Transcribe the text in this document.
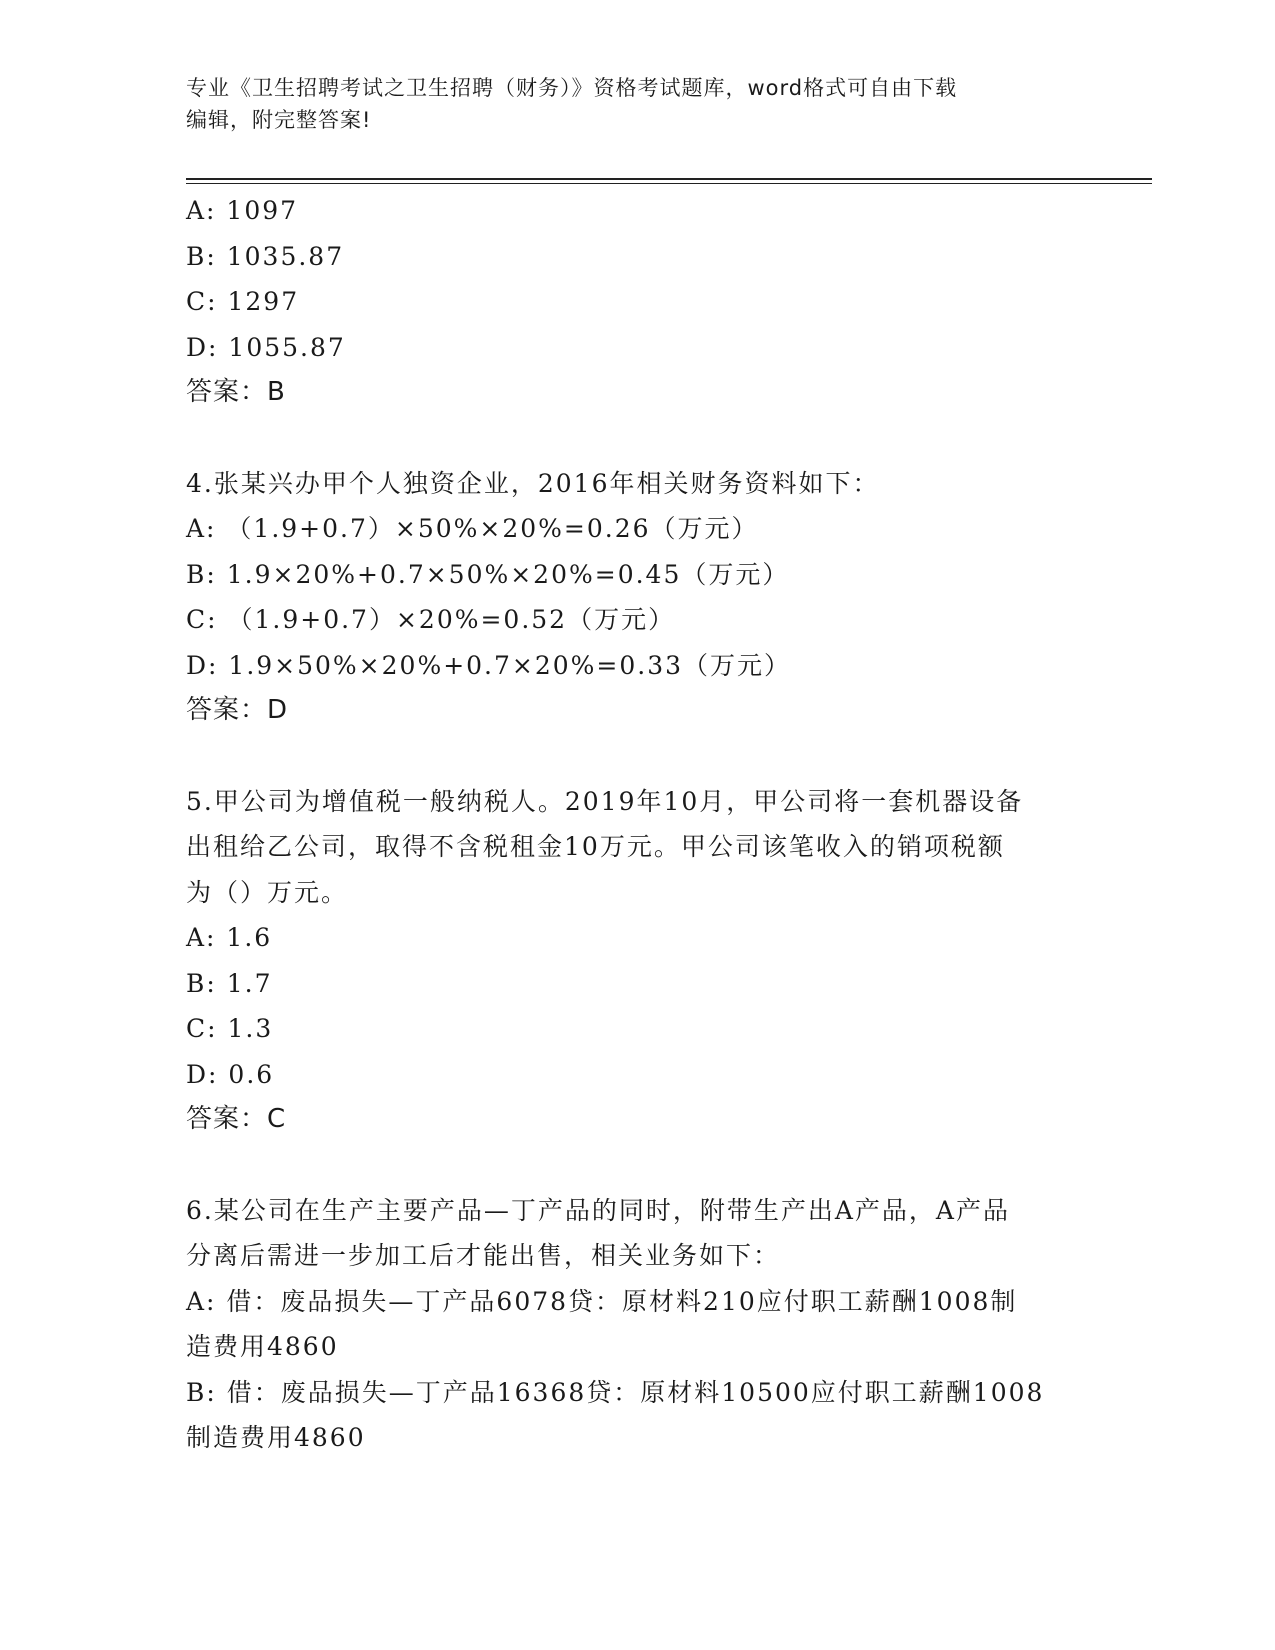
专业《卫生招聘考试之卫生招聘（财务）》资格考试题库，word格式可自由下载
编辑，附完整答案!

A: 1097

B: 1035.87

C: 1297

D: 1055.87

答案：B

4.张某兴办甲个人独资企业，2016年相关财务资料如下：

A: （1.9+0.7）×50%×20%=0.26（万元）

B: 1.9×20%+0.7×50%×20%=0.45（万元）

C: （1.9+0.7）×20%=0.52（万元）

D: 1.9×50%×20%+0.7×20%=0.33（万元）

答案：D

5.甲公司为增值税一般纳税人。2019年10月，甲公司将一套机器设备

出租给乙公司，取得不含税租金10万元。甲公司该笔收入的销项税额

为（）万元。

A: 1.6

B: 1.7

C: 1.3

D: 0.6

答案：C

6.某公司在生产主要产品—丁产品的同时，附带生产出A产品，A产品

分离后需进一步加工后才能出售，相关业务如下：

A: 借：废品损失—丁产品6078贷：原材料210应付职工薪酬1008制

造费用4860

B: 借：废品损失—丁产品16368贷：原材料10500应付职工薪酬1008

制造费用4860
